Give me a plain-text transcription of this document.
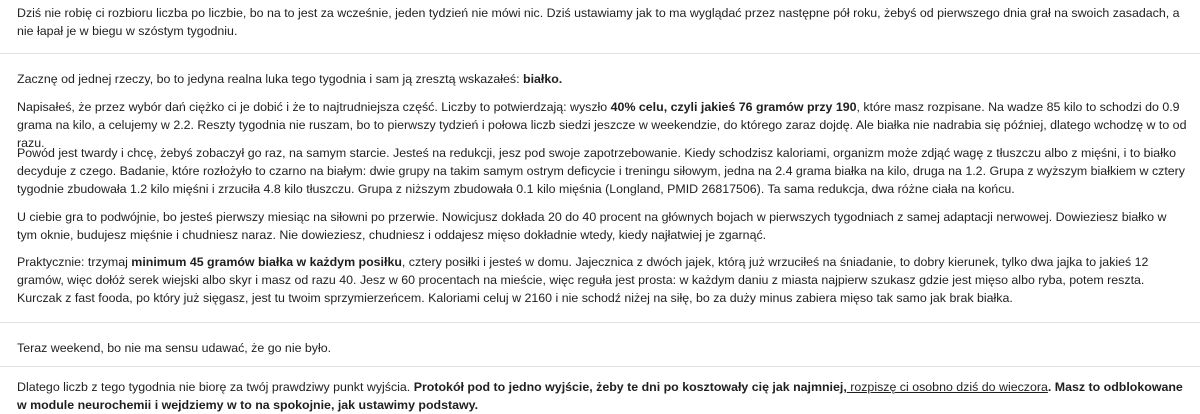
Dziś nie robię ci rozbioru liczba po liczbie, bo na to jest za wcześnie, jeden tydzień nie mówi nic. Dziś ustawiamy jak to ma wyglądać przez następne pół roku, żebyś od pierwszego dnia grał na swoich zasadach, a nie łapał je w biegu w szóstym tygodniu.

Zacznę od jednej rzeczy, bo to jedyna realna luka tego tygodnia i sam ją zresztą wskazałeś: białko.

Napisałeś, że przez wybór dań ciężko ci je dobić i że to najtrudniejsza część. Liczby to potwierdzają: wyszło 40% celu, czyli jakieś 76 gramów przy 190, które masz rozpisane. Na wadze 85 kilo to schodzi do 0.9 grama na kilo, a celujemy w 2.2. Reszty tygodnia nie ruszam, bo to pierwszy tydzień i połowa liczb siedzi jeszcze w weekendzie, do którego zaraz dojdę. Ale białka nie nadrabia się później, dlatego wchodzę w to od razu.

Powód jest twardy i chcę, żebyś zobaczył go raz, na samym starcie. Jesteś na redukcji, jesz pod swoje zapotrzebowanie. Kiedy schodzisz kaloriami, organizm może zdjąć wagę z tłuszczu albo z mięśni, i to białko decyduje z czego. Badanie, które rozłożyło to czarno na białym: dwie grupy na takim samym ostrym deficycie i treningu siłowym, jedna na 2.4 grama białka na kilo, druga na 1.2. Grupa z wyższym białkiem w cztery tygodnie zbudowała 1.2 kilo mięśni i zrzuciła 4.8 kilo tłuszczu. Grupa z niższym zbudowała 0.1 kilo mięśnia (Longland, PMID 26817506). Ta sama redukcja, dwa różne ciała na końcu.

U ciebie gra to podwójnie, bo jesteś pierwszy miesiąc na siłowni po przerwie. Nowicjusz dokłada 20 do 40 procent na głównych bojach w pierwszych tygodniach z samej adaptacji nerwowej. Dowieziesz białko w tym oknie, budujesz mięśnie i chudniesz naraz. Nie dowieziesz, chudniesz i oddajesz mięso dokładnie wtedy, kiedy najłatwiej je zgarnąć.

Praktycznie: trzymaj minimum 45 gramów białka w każdym posiłku, cztery posiłki i jesteś w domu. Jajecznica z dwóch jajek, którą już wrzuciłeś na śniadanie, to dobry kierunek, tylko dwa jajka to jakieś 12 gramów, więc dołóż serek wiejski albo skyr i masz od razu 40. Jesz w 60 procentach na mieście, więc reguła jest prosta: w każdym daniu z miasta najpierw szukasz gdzie jest mięso albo ryba, potem reszta. Kurczak z fast fooda, po który już sięgasz, jest tu twoim sprzymierzeńcem. Kaloriami celuj w 2160 i nie schodź niżej na siłę, bo za duży minus zabiera mięso tak samo jak brak białka.

Teraz weekend, bo nie ma sensu udawać, że go nie było.

Dlatego liczb z tego tygodnia nie biorę za twój prawdziwy punkt wyjścia. Protokół pod to jedno wyjście, żeby te dni po kosztowały cię jak najmniej, rozpiszę ci osobno dziś do wieczora. Masz to odblokowane w module neurochemii i wejdziemy w to na spokojnie, jak ustawimy podstawy.
